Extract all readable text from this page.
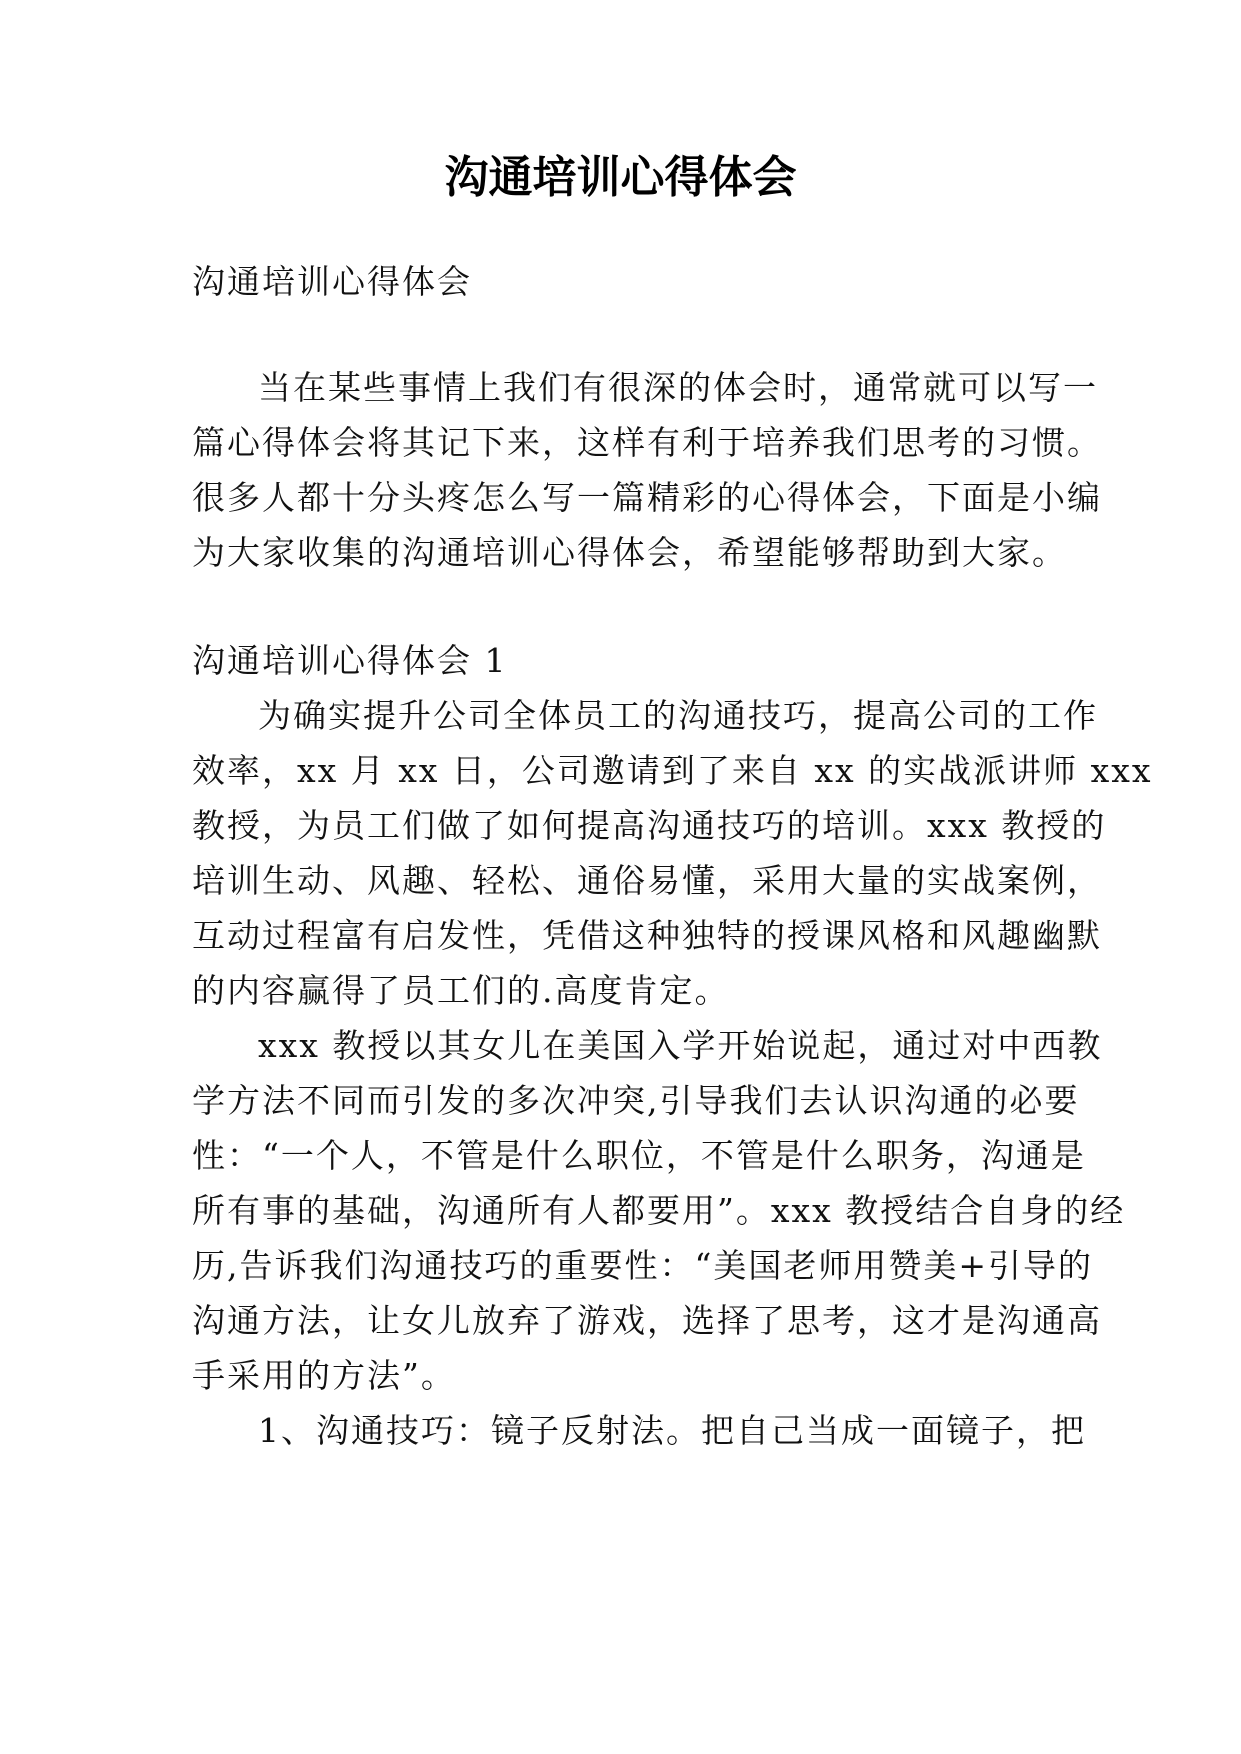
沟通培训心得体会
沟通培训心得体会
当在某些事情上我们有很深的体会时，通常就可以写一
篇心得体会将其记下来，这样有利于培养我们思考的习惯。
很多人都十分头疼怎么写一篇精彩的心得体会，下面是小编
为大家收集的沟通培训心得体会，希望能够帮助到大家。
沟通培训心得体会 1
为确实提升公司全体员工的沟通技巧，提高公司的工作
效率，xx 月 xx 日，公司邀请到了来自 xx 的实战派讲师 xxx
教授，为员工们做了如何提高沟通技巧的培训。xxx 教授的
培训生动、风趣、轻松、通俗易懂，采用大量的实战案例，
互动过程富有启发性，凭借这种独特的授课风格和风趣幽默
的内容赢得了员工们的.高度肯定。
xxx 教授以其女儿在美国入学开始说起，通过对中西教
学方法不同而引发的多次冲突,引导我们去认识沟通的必要
性：“一个人，不管是什么职位，不管是什么职务，沟通是
所有事的基础，沟通所有人都要用”。xxx 教授结合自身的经
历,告诉我们沟通技巧的重要性：“美国老师用赞美+引导的
沟通方法，让女儿放弃了游戏，选择了思考，这才是沟通高
手采用的方法”。
1、沟通技巧：镜子反射法。把自己当成一面镜子，把
